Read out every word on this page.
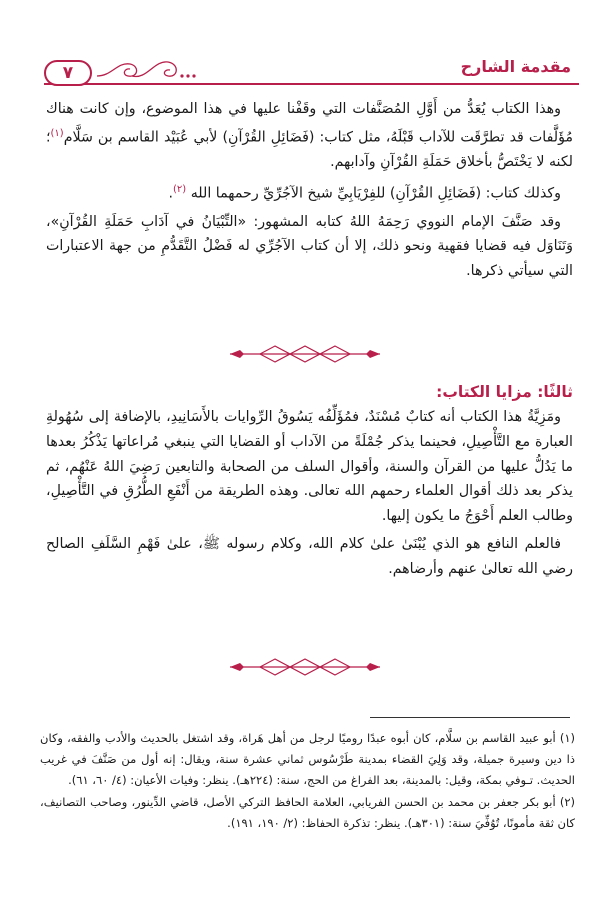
٧	مقدمة الشارح

وهذا الكتاب يُعَدُّ من أَوَّلِ المُصَنَّفات التي وقَفْنا عليها في هذا الموضوع، وإن كانت هناك مُؤَلَّفات قد تطرَّقَت للآداب قَبْلَهُ، مثل كتاب: (فَضَائِلِ القُرْآنِ) لأبي عُبَيْد القاسم بن سَلَّام$^{(١)}$؛ لكنه لا يَخْتَصُّ بأخلاق حَمَلَةِ القُرْآنِ وآدابهم.

وكذلك كتاب: (فَضَائِلِ القُرْآنِ) للفِرْيَابِيِّ شيخ الآجُرِّيِّ رحمهما الله $^{(٢)}$.

وقد صَنَّفَ الإمام النووي رَحِمَهُ اللهُ كتابه المشهور: «التِّبْيَانُ في آدَابِ حَمَلَةِ القُرْآنِ»، وَتَنَاوَل فيه قضايا فقهية ونحو ذلك، إلا أن كتاب الآجُرِّي له فَضْلُ التَّقَدُّمِ من جهة الاعتبارات التي سيأتي ذكرها.

ثالثًا: مزايا الكتاب:

ومَزِيَّةُ هذا الكتاب أنه كتابٌ مُسْنَدٌ، فمُؤَلِّفُه يَسُوقُ الرِّوايات بالأَسَانِيدِ، بالإضافة إلى سُهُولةِ العبارة مع التَّأْصِيلِ، فحينما يذكر جُمْلَةً من الآداب أو القضايا التي ينبغي مُراعاتها يَذْكُرُ بعدها ما يَدُلُّ عليها من القرآن والسنة، وأقوال السلف من الصحابة والتابعين رَضِيَ اللهُ عَنْهُم، ثم يذكر بعد ذلك أقوال العلماء رحمهم الله تعالى. وهذه الطريقة من أَنْفَعِ الطُّرُقِ في التَّأْصِيلِ، وطالب العلم أَحْوَجُ ما يكون إليها.

فالعلم النافع هو الذي يُبْنَىٰ علىٰ كلام الله، وكلام رسوله ﷺ، علىٰ فَهْمِ السَّلَفِ الصالح رضي الله تعالىٰ عنهم وأرضاهم.

(١) أبو عبيد القاسم بن سلَّام، كان أبوه عبدًا روميًا لرجل من أهل هَراة، وقد اشتغل بالحديث والأدب والفقه، وكان ذا دين وسيرة جميلة، وقد وَلِيَ القضاء بمدينة طَرْسُوس ثماني عشرة سنة، ويقال: إنه أول من صَنَّفَ في غريب الحديث. تـوفي بمكة، وقيل: بالمدينة، بعد الفراغ من الحج، سنة: (٢٢٤هـ). ينظر: وفيات الأعيان: (٤/ ٦٠، ٦١).

(٢) أبو بكر جعفر بن محمد بن الحسن الفريابي، العلامة الحافظ التركي الأصل، قاضي الدِّينور، وصاحب التصانيف، كان ثقة مأمونًا، تُوُفِّيَ سنة: (٣٠١هـ). ينظر: تذكرة الحفاظ: (٢/ ١٩٠، ١٩١).
